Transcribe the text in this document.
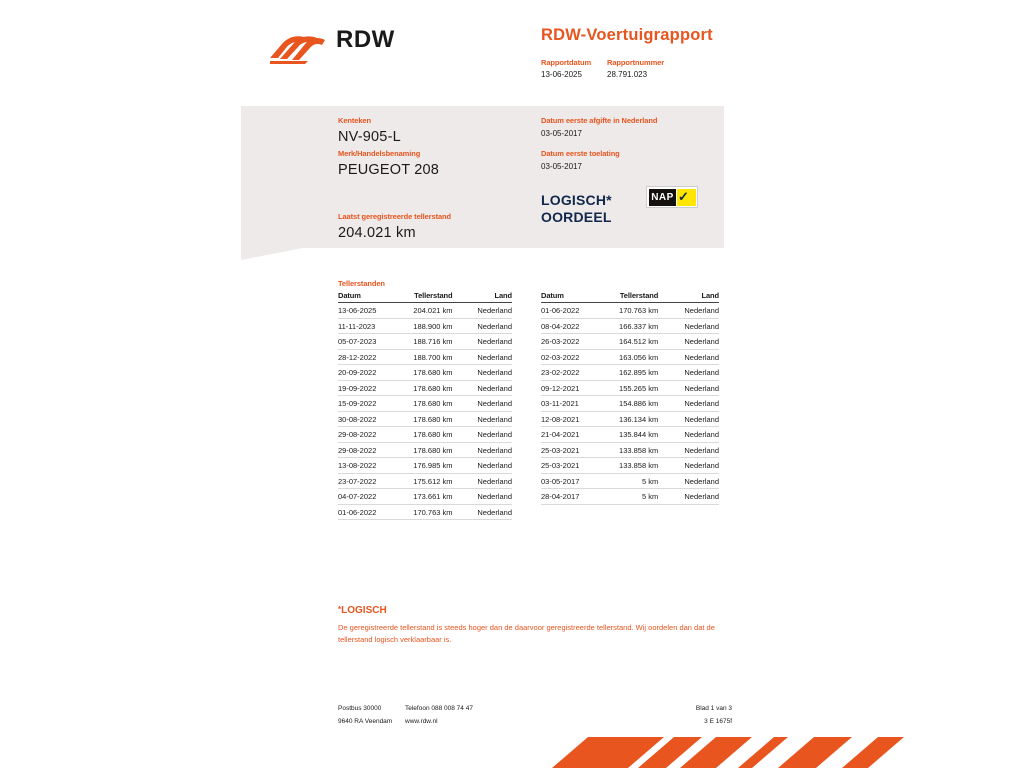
RDW	RDW-Voertuigrapport
Rapportdatum
13-06-2025
Rapportnummer
28.791.023
Kenteken
NV-905-L
Merk/Handelsbenaming
PEUGEOT 208
Laatst geregistreerde tellerstand
204.021 km
Datum eerste afgifte in Nederland
03-05-2017
Datum eerste toelating
03-05-2017
LOGISCH*
OORDEEL
NAP ✓
Tellerstanden
Datum	Tellerstand	Land
13-06-2025	204.021 km	Nederland
11-11-2023	188.900 km	Nederland
05-07-2023	188.716 km	Nederland
28-12-2022	188.700 km	Nederland
20-09-2022	178.680 km	Nederland
19-09-2022	178.680 km	Nederland
15-09-2022	178.680 km	Nederland
30-08-2022	178.680 km	Nederland
29-08-2022	178.680 km	Nederland
29-08-2022	178.680 km	Nederland
13-08-2022	176.985 km	Nederland
23-07-2022	175.612 km	Nederland
04-07-2022	173.661 km	Nederland
01-06-2022	170.763 km	Nederland
Datum	Tellerstand	Land
01-06-2022	170.763 km	Nederland
08-04-2022	166.337 km	Nederland
26-03-2022	164.512 km	Nederland
02-03-2022	163.056 km	Nederland
23-02-2022	162.895 km	Nederland
09-12-2021	155.265 km	Nederland
03-11-2021	154.886 km	Nederland
12-08-2021	136.134 km	Nederland
21-04-2021	135.844 km	Nederland
25-03-2021	133.858 km	Nederland
25-03-2021	133.858 km	Nederland
03-05-2017	5 km	Nederland
28-04-2017	5 km	Nederland
*LOGISCH
De geregistreerde tellerstand is steeds hoger dan de daarvoor geregistreerde tellerstand. Wij oordelen dan dat de tellerstand logisch verklaarbaar is.
Postbus 30000
9640 RA Veendam
Telefoon 088 008 74 47
www.rdw.nl
Blad 1 van 3
3 E 1675f
